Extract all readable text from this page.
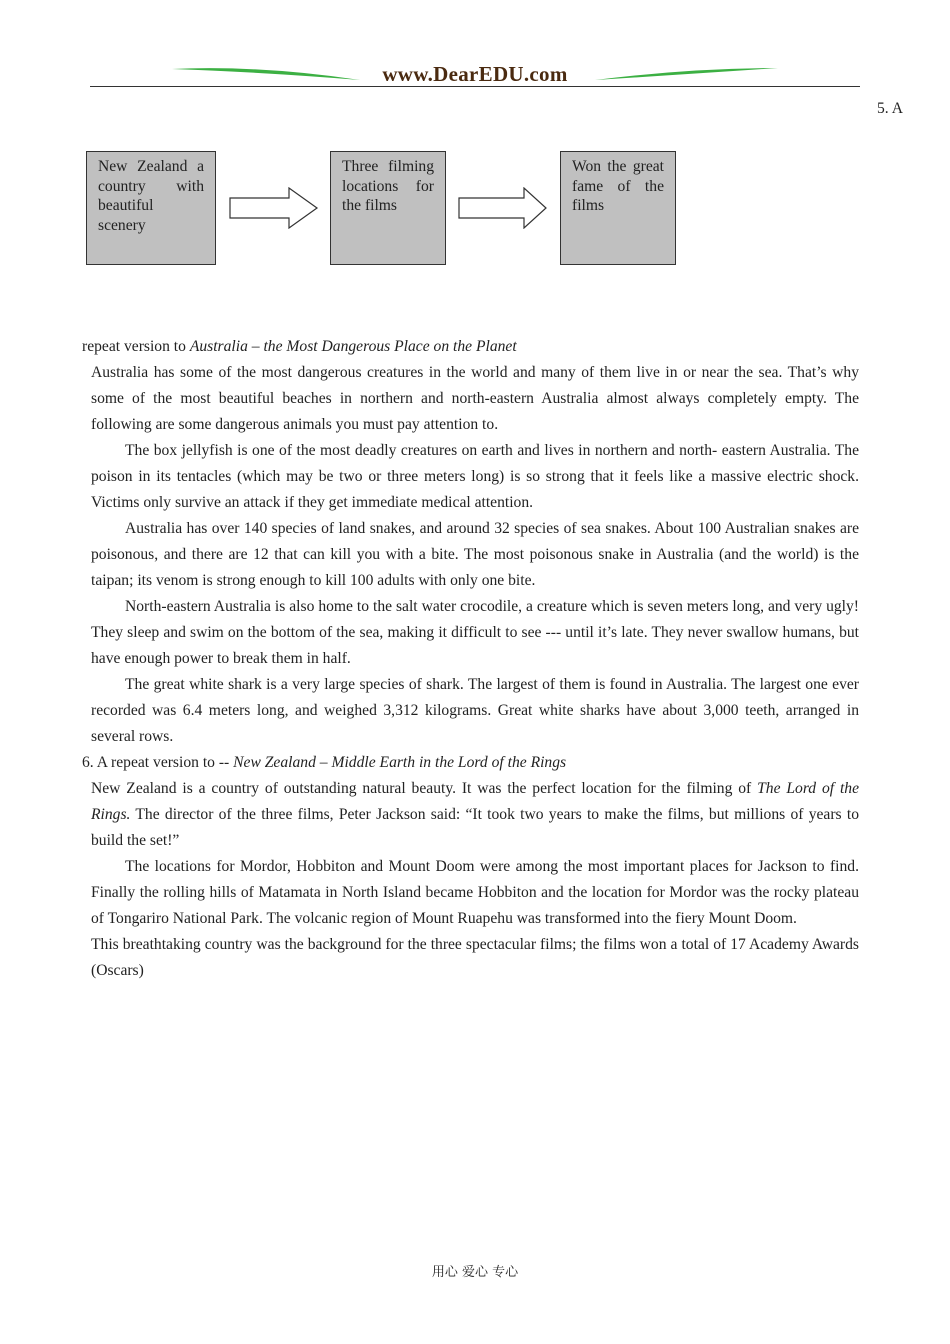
www.DearEDU.com
5. A
New Zealand a country with beautiful scenery
Three filming locations for the films
Won the great fame of the films
repeat version to Australia – the Most Dangerous Place on the Planet
Australia has some of the most dangerous creatures in the world and many of them live in or near the sea. That’s why some of the most beautiful beaches in northern and north-eastern Australia almost always completely empty. The following are some dangerous animals you must pay attention to.
The box jellyfish is one of the most deadly creatures on earth and lives in northern and north- eastern Australia. The poison in its tentacles (which may be two or three meters long) is so strong that it feels like a massive electric shock. Victims only survive an attack if they get immediate medical attention.
Australia has over 140 species of land snakes, and around 32 species of sea snakes. About 100 Australian snakes are poisonous, and there are 12 that can kill you with a bite. The most poisonous snake in Australia (and the world) is the taipan; its venom is strong enough to kill 100 adults with only one bite.
North-eastern Australia is also home to the salt water crocodile, a creature which is seven meters long, and very ugly! They sleep and swim on the bottom of the sea, making it difficult to see --- until it’s late. They never swallow humans, but have enough power to break them in half.
The great white shark is a very large species of shark. The largest of them is found in Australia. The largest one ever recorded was 6.4 meters long, and weighed 3,312 kilograms. Great white sharks have about 3,000 teeth, arranged in several rows.
6. A repeat version to -- New Zealand – Middle Earth in the Lord of the Rings
New Zealand is a country of outstanding natural beauty. It was the perfect location for the filming of The Lord of the Rings. The director of the three films, Peter Jackson said: “It took two years to make the films, but millions of years to build the set!”
The locations for Mordor, Hobbiton and Mount Doom were among the most important places for Jackson to find. Finally the rolling hills of Matamata in North Island became Hobbiton and the location for Mordor was the rocky plateau of Tongariro National Park. The volcanic region of Mount Ruapehu was transformed into the fiery Mount Doom.
This breathtaking country was the background for the three spectacular films; the films won a total of 17 Academy Awards (Oscars)
用心 爱心 专心
